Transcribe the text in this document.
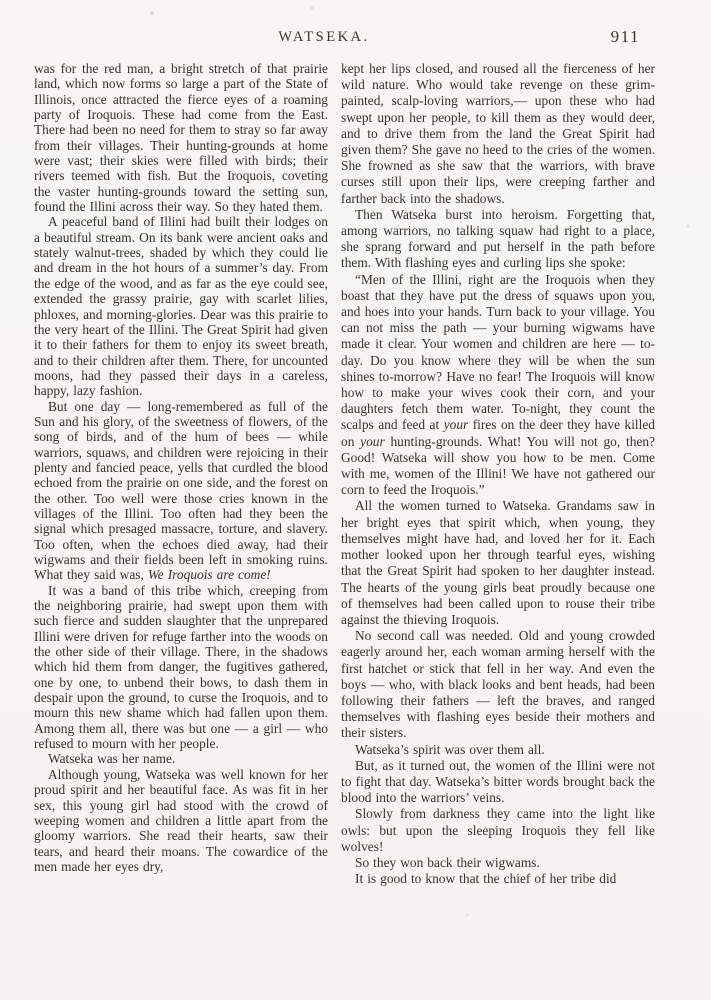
WATSEKA.	911

was for the red man, a bright stretch of that prairie land, which now forms so large a part of the State of Illinois, once attracted the fierce eyes of a roaming party of Iroquois. These had come from the East. There had been no need for them to stray so far away from their villages. Their hunting-grounds at home were vast; their skies were filled with birds; their rivers teemed with fish. But the Iroquois, coveting the vaster hunting-grounds toward the setting sun, found the Illini across their way. So they hated them.

A peaceful band of Illini had built their lodges on a beautiful stream. On its bank were ancient oaks and stately walnut-trees, shaded by which they could lie and dream in the hot hours of a summer’s day. From the edge of the wood, and as far as the eye could see, extended the grassy prairie, gay with scarlet lilies, phloxes, and morning-glories. Dear was this prairie to the very heart of the Illini. The Great Spirit had given it to their fathers for them to enjoy its sweet breath, and to their children after them. There, for uncounted moons, had they passed their days in a careless, happy, lazy fashion.

But one day — long-remembered as full of the Sun and his glory, of the sweetness of flowers, of the song of birds, and of the hum of bees — while warriors, squaws, and children were rejoicing in their plenty and fancied peace, yells that curdled the blood echoed from the prairie on one side, and the forest on the other. Too well were those cries known in the villages of the Illini. Too often had they been the signal which presaged massacre, torture, and slavery. Too often, when the echoes died away, had their wigwams and their fields been left in smoking ruins. What they said was, We Iroquois are come!

It was a band of this tribe which, creeping from the neighboring prairie, had swept upon them with such fierce and sudden slaughter that the unprepared Illini were driven for refuge farther into the woods on the other side of their village. There, in the shadows which hid them from danger, the fugitives gathered, one by one, to unbend their bows, to dash them in despair upon the ground, to curse the Iroquois, and to mourn this new shame which had fallen upon them. Among them all, there was but one — a girl — who refused to mourn with her people.

Watseka was her name.

Although young, Watseka was well known for her proud spirit and her beautiful face. As was fit in her sex, this young girl had stood with the crowd of weeping women and children a little apart from the gloomy warriors. She read their hearts, saw their tears, and heard their moans. The cowardice of the men made her eyes dry,

kept her lips closed, and roused all the fierceness of her wild nature. Who would take revenge on these grim-painted, scalp-loving warriors,— upon these who had swept upon her people, to kill them as they would deer, and to drive them from the land the Great Spirit had given them? She gave no heed to the cries of the women. She frowned as she saw that the warriors, with brave curses still upon their lips, were creeping farther and farther back into the shadows.

Then Watseka burst into heroism. Forgetting that, among warriors, no talking squaw had right to a place, she sprang forward and put herself in the path before them. With flashing eyes and curling lips she spoke:

“Men of the Illini, right are the Iroquois when they boast that they have put the dress of squaws upon you, and hoes into your hands. Turn back to your village. You can not miss the path — your burning wigwams have made it clear. Your women and children are here — to-day. Do you know where they will be when the sun shines to-morrow? Have no fear! The Iroquois will know how to make your wives cook their corn, and your daughters fetch them water. To-night, they count the scalps and feed at your fires on the deer they have killed on your hunting-grounds. What! You will not go, then? Good! Watseka will show you how to be men. Come with me, women of the Illini! We have not gathered our corn to feed the Iroquois.”

All the women turned to Watseka. Grandams saw in her bright eyes that spirit which, when young, they themselves might have had, and loved her for it. Each mother looked upon her through tearful eyes, wishing that the Great Spirit had spoken to her daughter instead. The hearts of the young girls beat proudly because one of themselves had been called upon to rouse their tribe against the thieving Iroquois.

No second call was needed. Old and young crowded eagerly around her, each woman arming herself with the first hatchet or stick that fell in her way. And even the boys — who, with black looks and bent heads, had been following their fathers — left the braves, and ranged themselves with flashing eyes beside their mothers and their sisters.

Watseka’s spirit was over them all.

But, as it turned out, the women of the Illini were not to fight that day. Watseka’s bitter words brought back the blood into the warriors’ veins.

Slowly from darkness they came into the light like owls: but upon the sleeping Iroquois they fell like wolves!

So they won back their wigwams.

It is good to know that the chief of her tribe did
